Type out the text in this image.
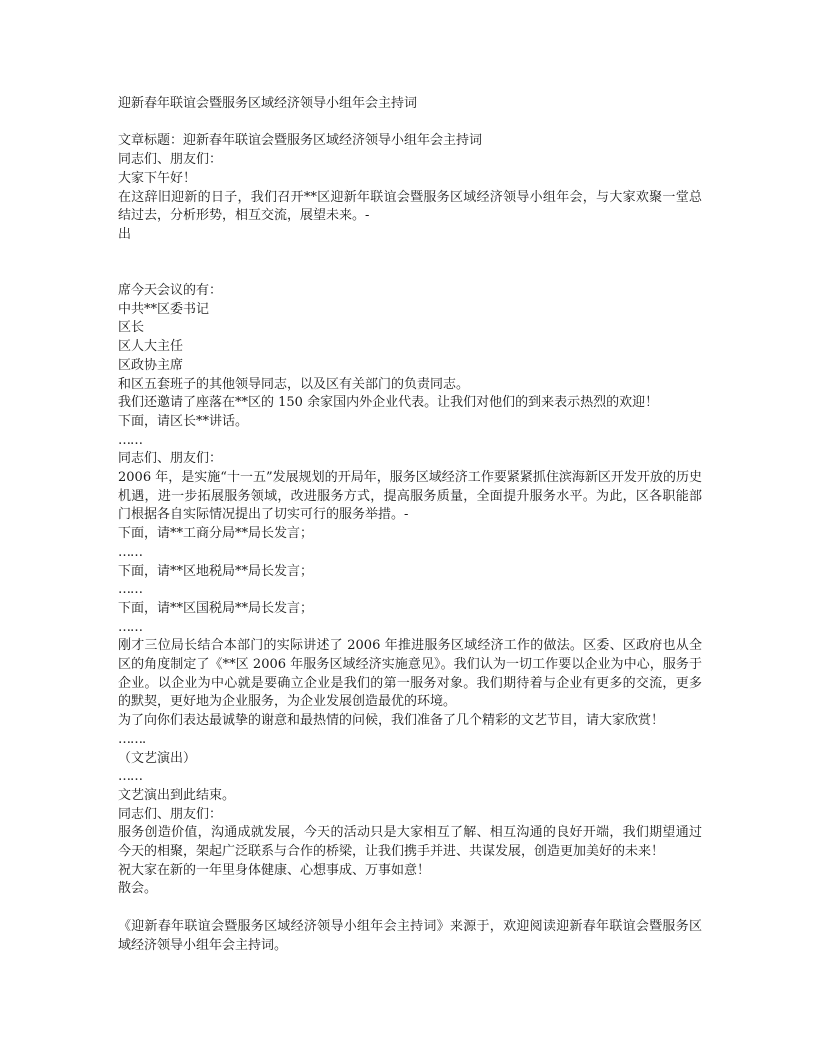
迎新春年联谊会暨服务区域经济领导小组年会主持词
文章标题：迎新春年联谊会暨服务区域经济领导小组年会主持词
同志们、朋友们：
大家下午好！
在这辞旧迎新的日子，我们召开**区迎新年联谊会暨服务区域经济领导小组年会，与大家欢聚一堂总结过去，分析形势，相互交流，展望未来。-
出
席今天会议的有：
中共**区委书记
区长
区人大主任
区政协主席
和区五套班子的其他领导同志，以及区有关部门的负责同志。
我们还邀请了座落在**区的 150 余家国内外企业代表。让我们对他们的到来表示热烈的欢迎！
下面，请区长**讲话。
……
同志们、朋友们：
2006 年，是实施“十一五”发展规划的开局年，服务区域经济工作要紧紧抓住滨海新区开发开放的历史机遇，进一步拓展服务领域，改进服务方式，提高服务质量，全面提升服务水平。为此，区各职能部门根据各自实际情况提出了切实可行的服务举措。-
下面，请**工商分局**局长发言；
……
下面，请**区地税局**局长发言；
……
下面，请**区国税局**局长发言；
……
刚才三位局长结合本部门的实际讲述了 2006 年推进服务区域经济工作的做法。区委、区政府也从全区的角度制定了《**区 2006 年服务区域经济实施意见》。我们认为一切工作要以企业为中心，服务于企业。以企业为中心就是要确立企业是我们的第一服务对象。我们期待着与企业有更多的交流，更多的默契，更好地为企业服务，为企业发展创造最优的环境。
为了向你们表达最诚挚的谢意和最热情的问候，我们准备了几个精彩的文艺节目，请大家欣赏！
…….
（文艺演出）
……
文艺演出到此结束。
同志们、朋友们：
服务创造价值，沟通成就发展，今天的活动只是大家相互了解、相互沟通的良好开端，我们期望通过今天的相聚，架起广泛联系与合作的桥梁，让我们携手并进、共谋发展，创造更加美好的未来！
祝大家在新的一年里身体健康、心想事成、万事如意！
散会。
《迎新春年联谊会暨服务区域经济领导小组年会主持词》来源于，欢迎阅读迎新春年联谊会暨服务区域经济领导小组年会主持词。
